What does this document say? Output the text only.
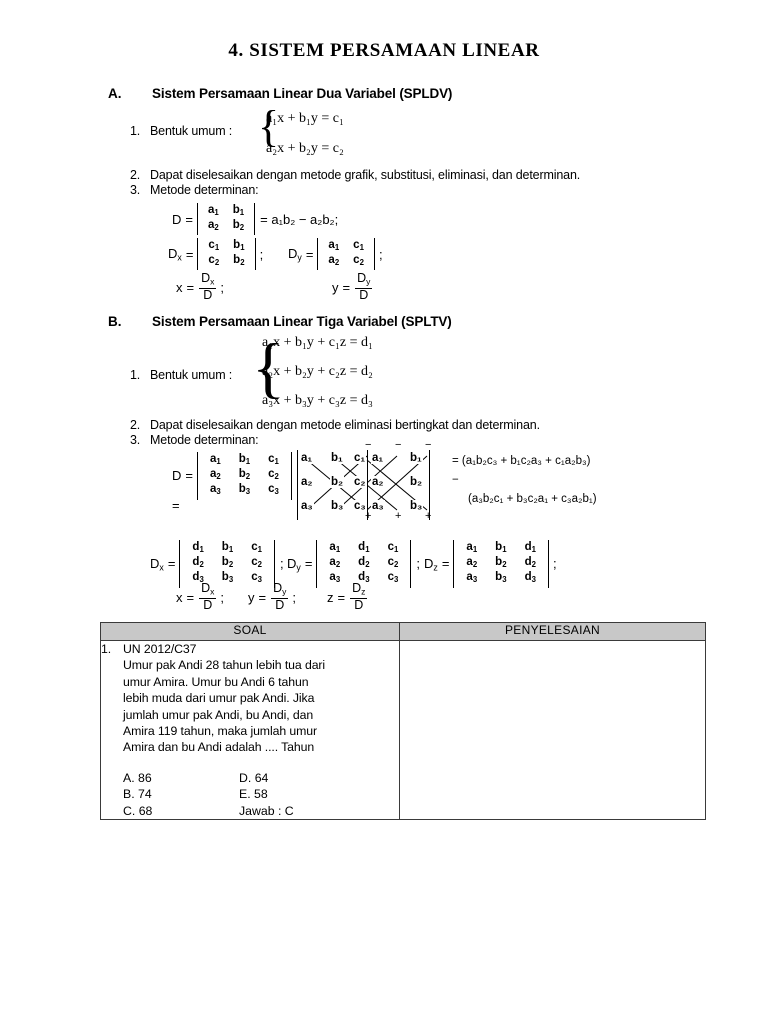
4. SISTEM PERSAMAAN LINEAR
A. Sistem Persamaan Linear Dua Variabel (SPLDV)
1. Bentuk umum : {
a₁x + b₁y = c₁
a₂x + b₂y = c₂
2. Dapat diselesaikan dengan metode grafik, substitusi, eliminasi, dan determinan.
3. Metode determinan:
D =
$a_1$	$b_1$
$a_2$	$b_2$
= a₁b₂ − a₂b₂;
$D_x$ =
$c_1$	$b_1$
$c_2$	$b_2$
; $D_y$ =
$a_1$	$c_1$
$a_2$	$c_2$
;
$x = \frac{D_x}{D}$ ;	$y = \frac{D_y}{D}$
B. Sistem Persamaan Linear Tiga Variabel (SPLTV)
1. Bentuk umum : {
a₁x + b₁y + c₁z = d₁
a₂x + b₂y + c₂z = d₂
a₃x + b₃y + c₃z = d₃
2. Dapat diselesaikan dengan metode eliminasi bertingkat dan determinan.
3. Metode determinan:
D =
$a_1$	$b_1$	$c_1$
$a_2$	$b_2$	$c_2$
$a_3$	$b_3$	$c_3$
=
a₁ b₁ c₁ a₁ b₁
a₂ b₂ c₂ a₂ b₂
a₃ b₃ c₃ a₃ b₃
− − −
+ + +
= (a₁b₂c₃ + b₁c₂a₃ + c₁a₂b₃)
−
(a₃b₂c₁ + b₃c₂a₁ + c₃a₂b₁)
$D_x$ =
$d_1$	$b_1$	$c_1$
$d_2$	$b_2$	$c_2$
$d_3$	$b_3$	$c_3$
; $D_y$ =
$a_1$	$d_1$	$c_1$
$a_2$	$d_2$	$c_2$
$a_3$	$d_3$	$c_3$
; $D_z$ =
$a_1$	$b_1$	$d_1$
$a_2$	$b_2$	$d_2$
$a_3$	$b_3$	$d_3$
;
$x = \frac{D_x}{D}$ ; $y = \frac{D_y}{D}$ ; $z = \frac{D_z}{D}$
SOAL	PENYELESAIAN

1. UN 2012/C37
Umur pak Andi 28 tahun lebih tua dari
umur Amira. Umur bu Andi 6 tahun
lebih muda dari umur pak Andi. Jika
jumlah umur pak Andi, bu Andi, dan
Amira 119 tahun, maka jumlah umur
Amira dan bu Andi adalah .... Tahun
A. 86	D. 64
B. 74	E. 58
C. 68	Jawab : C
